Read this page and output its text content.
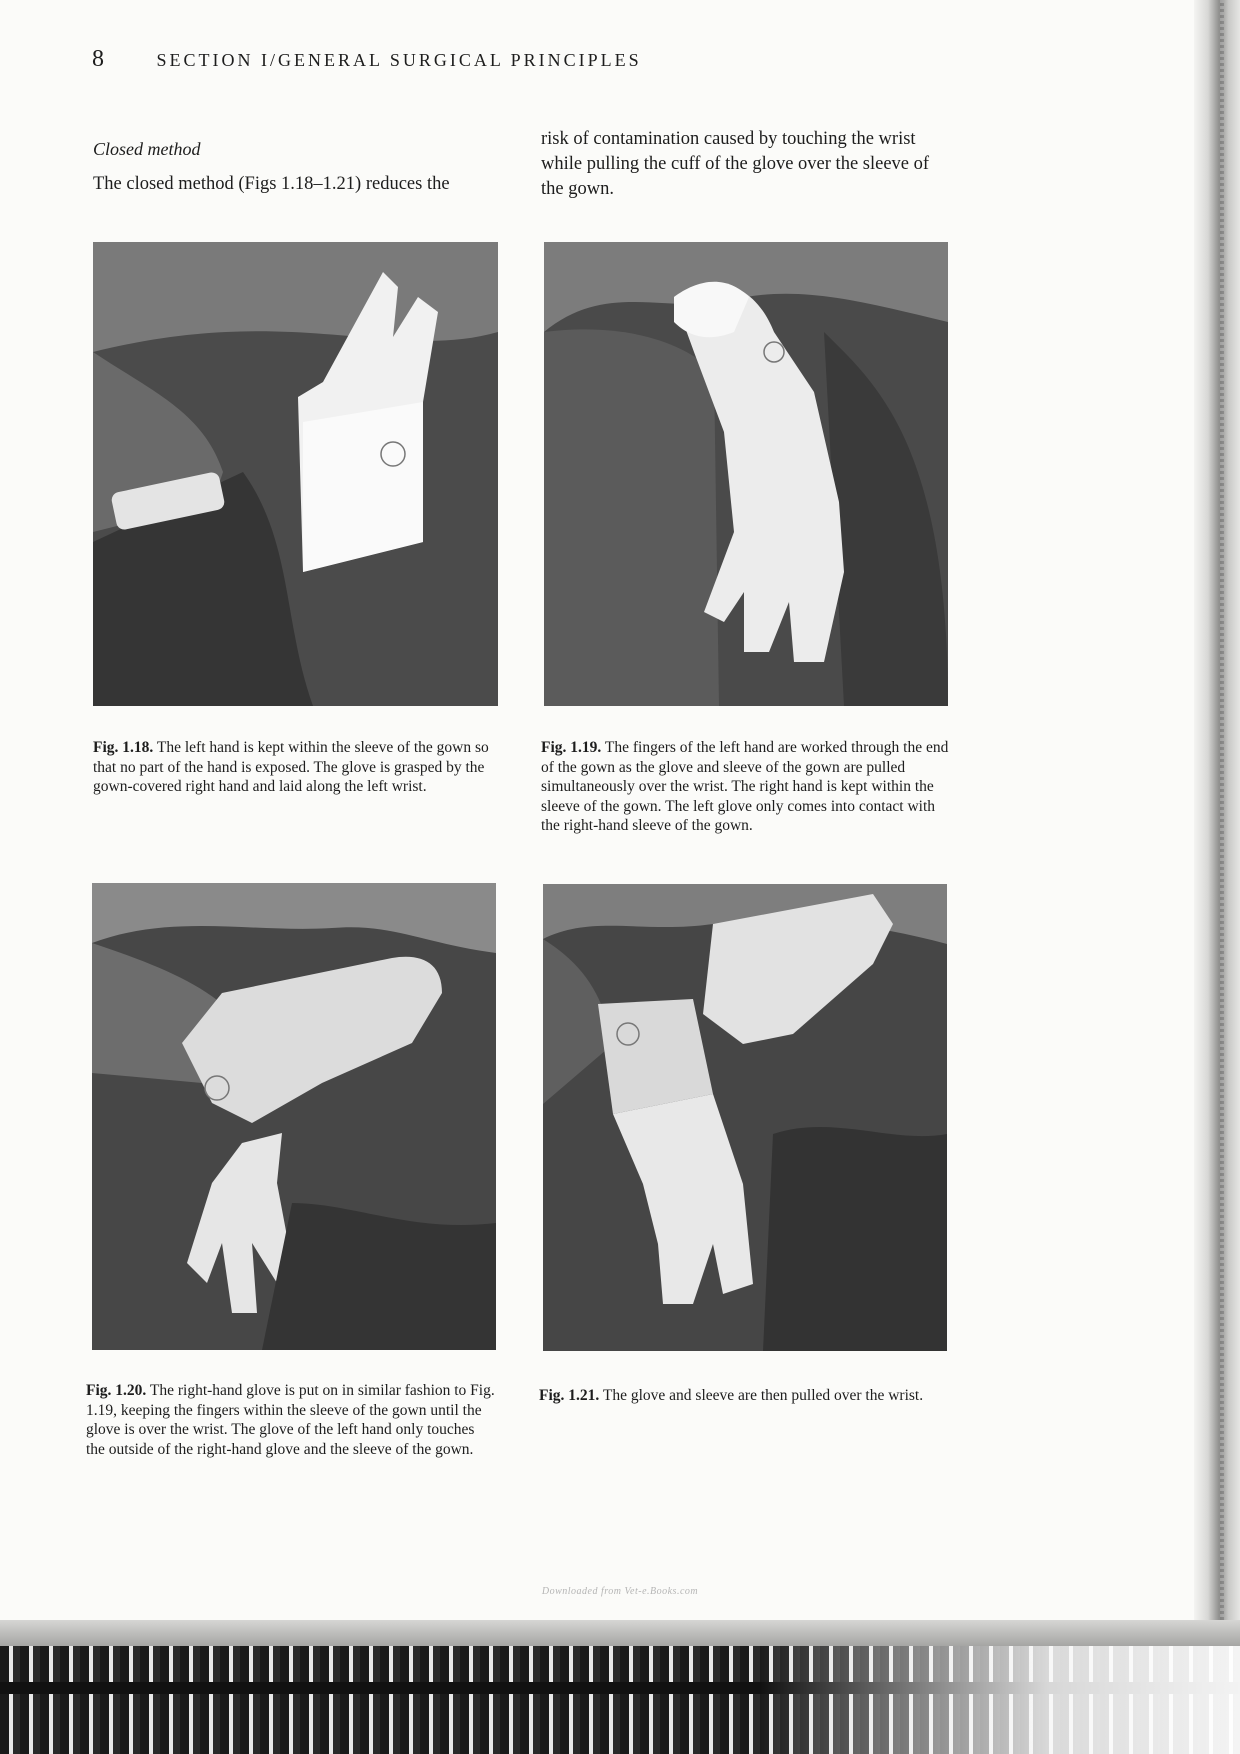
8	SECTION I/GENERAL SURGICAL PRINCIPLES
Closed method
The closed method (Figs 1.18–1.21) reduces the
risk of contamination caused by touching the wrist while pulling the cuff of the glove over the sleeve of the gown.
Fig. 1.18. The left hand is kept within the sleeve of the gown so that no part of the hand is exposed. The glove is grasped by the gown-covered right hand and laid along the left wrist.
Fig. 1.19. The fingers of the left hand are worked through the end of the gown as the glove and sleeve of the gown are pulled simultaneously over the wrist. The right hand is kept within the sleeve of the gown. The left glove only comes into contact with the right-hand sleeve of the gown.
Fig. 1.20. The right-hand glove is put on in similar fashion to Fig. 1.19, keeping the fingers within the sleeve of the gown until the glove is over the wrist. The glove of the left hand only touches the outside of the right-hand glove and the sleeve of the gown.
Fig. 1.21. The glove and sleeve are then pulled over the wrist.
Downloaded from Vet-e.Books.com
